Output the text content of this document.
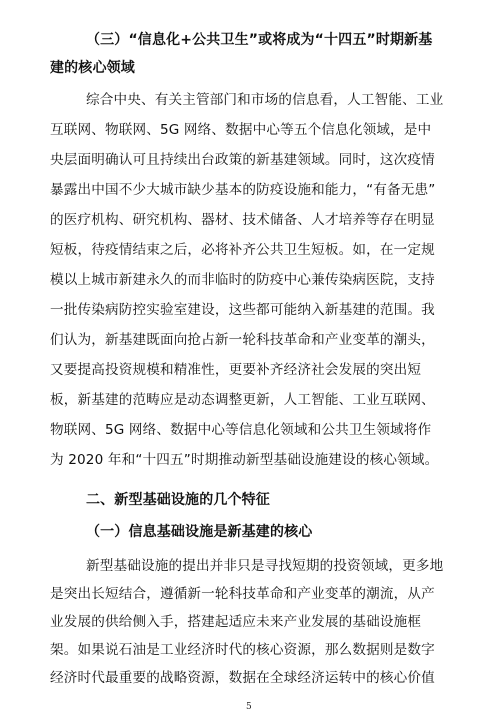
（三）“信息化+公共卫生”或将成为“十四五”时期新基
建的核心领域
综合中央、有关主管部门和市场的信息看，人工智能、工业
互联网、物联网、5G 网络、数据中心等五个信息化领域，是中
央层面明确认可且持续出台政策的新基建领域。同时，这次疫情
暴露出中国不少大城市缺少基本的防疫设施和能力，“有备无患”
的医疗机构、研究机构、器材、技术储备、人才培养等存在明显
短板，待疫情结束之后，必将补齐公共卫生短板。如，在一定规
模以上城市新建永久的而非临时的防疫中心兼传染病医院，支持
一批传染病防控实验室建设，这些都可能纳入新基建的范围。我
们认为，新基建既面向抢占新一轮科技革命和产业变革的潮头，
又要提高投资规模和精准性，更要补齐经济社会发展的突出短
板，新基建的范畴应是动态调整更新，人工智能、工业互联网、
物联网、5G 网络、数据中心等信息化领域和公共卫生领域将作
为 2020 年和“十四五”时期推动新型基础设施建设的核心领域。
二、新型基础设施的几个特征
（一）信息基础设施是新基建的核心
5
新型基础设施的提出并非只是寻找短期的投资领域，更多地
是突出长短结合，遵循新一轮科技革命和产业变革的潮流，从产
业发展的供给侧入手，搭建起适应未来产业发展的基础设施框
架。如果说石油是工业经济时代的核心资源，那么数据则是数字
经济时代最重要的战略资源，数据在全球经济运转中的核心价值
